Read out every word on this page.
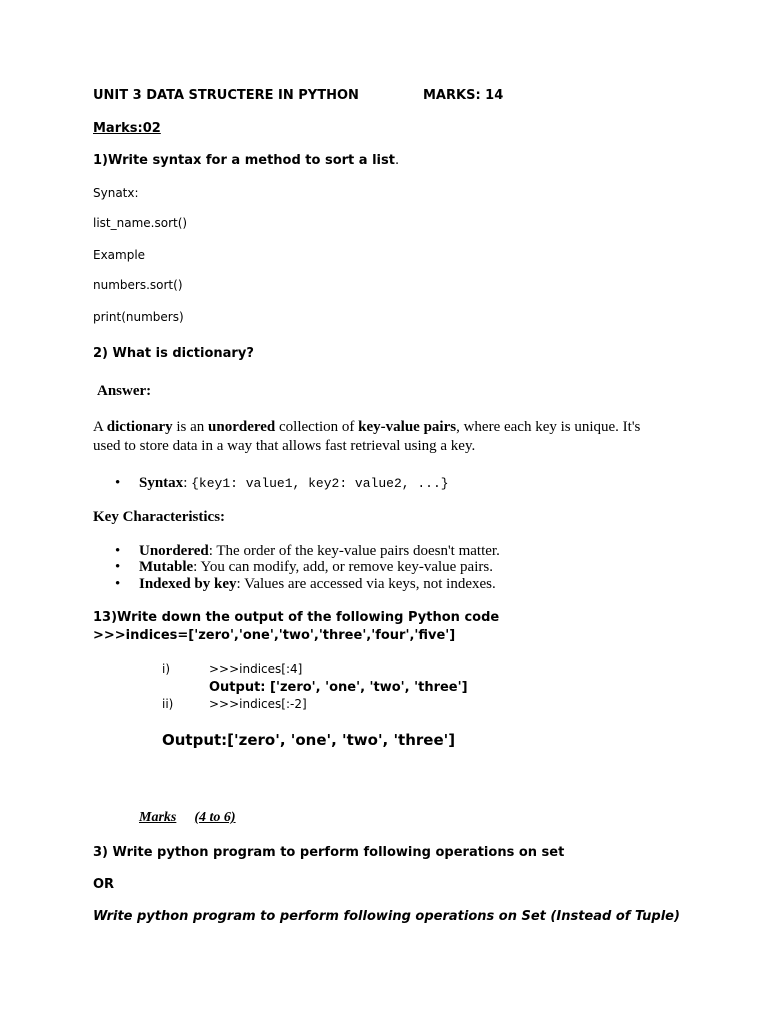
UNIT 3 DATA STRUCTERE IN PYTHON	MARKS: 14
Marks:02
1)Write syntax for a method to sort a list.
Synatx:
list_name.sort()
Example
numbers.sort()
print(numbers)
2) What is dictionary?
Answer:
A dictionary is an unordered collection of key-value pairs, where each key is unique. It's
used to store data in a way that allows fast retrieval using a key.
• Syntax: {key1: value1, key2: value2, ...}
Key Characteristics:
• Unordered: The order of the key-value pairs doesn't matter.
• Mutable: You can modify, add, or remove key-value pairs.
• Indexed by key: Values are accessed via keys, not indexes.
13)Write down the output of the following Python code
>>>indices=['zero','one','two','three','four','five']
i)	>>>indices[:4]
Output: ['zero', 'one', 'two', 'three']
ii)	>>>indices[:-2]
Output:['zero', 'one', 'two', 'three']
Marks (4 to 6)
3) Write python program to perform following operations on set
OR
Write python program to perform following operations on Set (Instead of Tuple)
